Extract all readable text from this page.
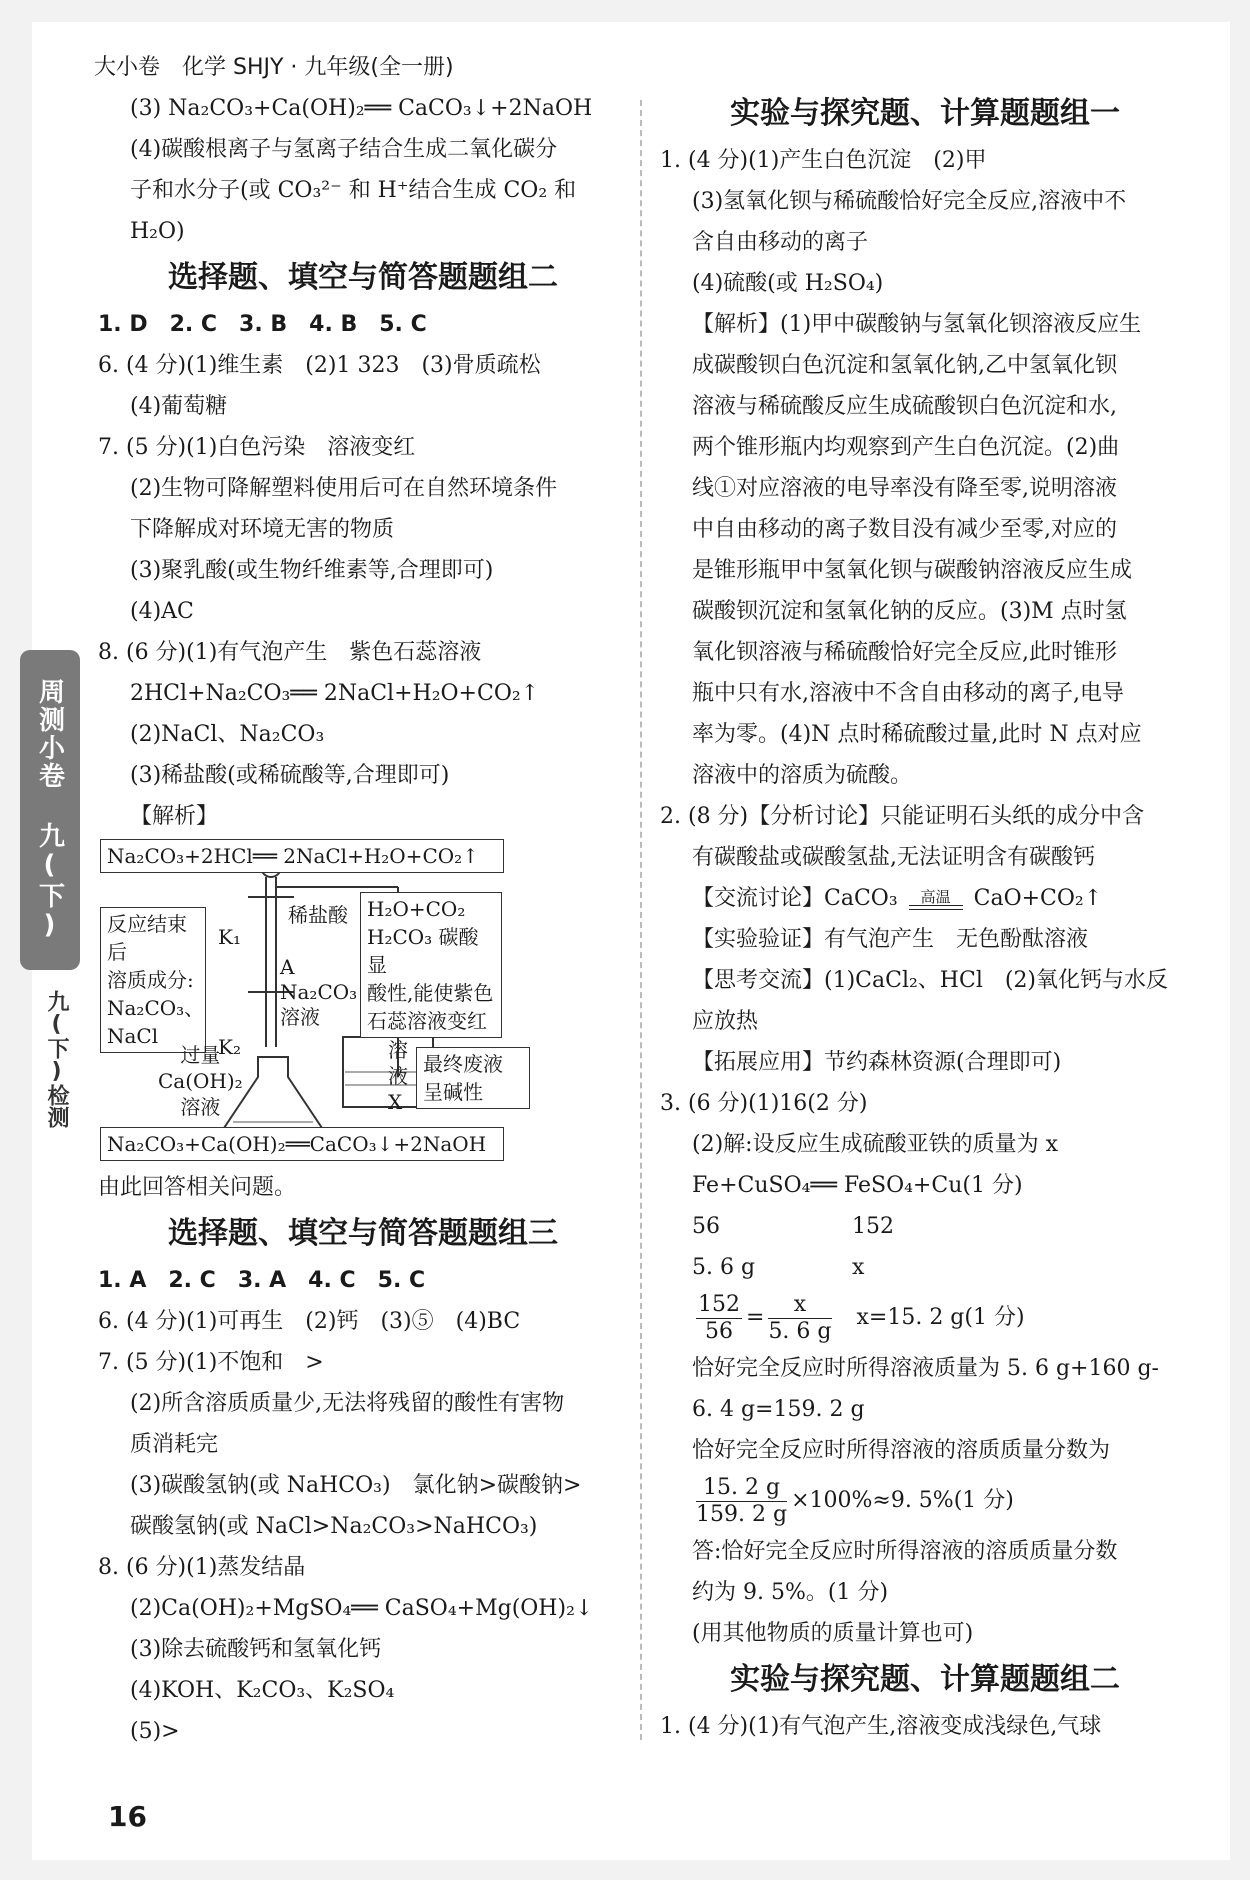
大小卷　化学 SHJY · 九年级(全一册)
周测小卷 九(下)
九(下)检测
(3) Na₂CO₃+Ca(OH)₂══ CaCO₃↓+2NaOH
(4)碳酸根离子与氢离子结合生成二氧化碳分
子和水分子(或 CO₃²⁻ 和 H⁺结合生成 CO₂ 和
H₂O)
选择题、填空与简答题题组二
1. D　2. C　3. B　4. B　5. C
6. (4 分)(1)维生素　(2)1 323　(3)骨质疏松
(4)葡萄糖
7. (5 分)(1)白色污染　溶液变红
(2)生物可降解塑料使用后可在自然环境条件
下降解成对环境无害的物质
(3)聚乳酸(或生物纤维素等,合理即可)
(4)AC
8. (6 分)(1)有气泡产生　紫色石蕊溶液
2HCl+Na₂CO₃══ 2NaCl+H₂O+CO₂↑
(2)NaCl、Na₂CO₃
(3)稀盐酸(或稀硫酸等,合理即可)
【解析】
Na₂CO₃+2HCl══ 2NaCl+H₂O+CO₂↑
反应结束后
溶质成分:
Na₂CO₃、
NaCl
K₁
K₂
稀盐酸
A
Na₂CO₃
溶液
H₂O+CO₂
H₂CO₃ 碳酸显
酸性,能使紫色
石蕊溶液变红
过量
Ca(OH)₂
溶液
溶
液
X
最终废液
呈碱性
Na₂CO₃+Ca(OH)₂══CaCO₃↓+2NaOH
由此回答相关问题。
选择题、填空与简答题题组三
1. A　2. C　3. A　4. C　5. C
6. (4 分)(1)可再生　(2)钙　(3)⑤　(4)BC
7. (5 分)(1)不饱和　>
(2)所含溶质质量少,无法将残留的酸性有害物
质消耗完
(3)碳酸氢钠(或 NaHCO₃)　氯化钠>碳酸钠>
碳酸氢钠(或 NaCl>Na₂CO₃>NaHCO₃)
8. (6 分)(1)蒸发结晶
(2)Ca(OH)₂+MgSO₄══ CaSO₄+Mg(OH)₂↓
(3)除去硫酸钙和氢氧化钙
(4)KOH、K₂CO₃、K₂SO₄
(5)>
实验与探究题、计算题题组一
1. (4 分)(1)产生白色沉淀　(2)甲
(3)氢氧化钡与稀硫酸恰好完全反应,溶液中不
含自由移动的离子
(4)硫酸(或 H₂SO₄)
【解析】(1)甲中碳酸钠与氢氧化钡溶液反应生
成碳酸钡白色沉淀和氢氧化钠,乙中氢氧化钡
溶液与稀硫酸反应生成硫酸钡白色沉淀和水,
两个锥形瓶内均观察到产生白色沉淀。(2)曲
线①对应溶液的电导率没有降至零,说明溶液
中自由移动的离子数目没有减少至零,对应的
是锥形瓶甲中氢氧化钡与碳酸钠溶液反应生成
碳酸钡沉淀和氢氧化钠的反应。(3)M 点时氢
氧化钡溶液与稀硫酸恰好完全反应,此时锥形
瓶中只有水,溶液中不含自由移动的离子,电导
率为零。(4)N 点时稀硫酸过量,此时 N 点对应
溶液中的溶质为硫酸。
2. (8 分)【分析讨论】只能证明石头纸的成分中含
有碳酸盐或碳酸氢盐,无法证明含有碳酸钙
【交流讨论】CaCO₃	高温	CaO+CO₂↑
【实验验证】有气泡产生　无色酚酞溶液
【思考交流】(1)CaCl₂、HCl　(2)氧化钙与水反
应放热
【拓展应用】节约森林资源(合理即可)
3. (6 分)(1)16(2 分)
(2)解:设反应生成硫酸亚铁的质量为 x
Fe+CuSO₄══ FeSO₄+Cu(1 分)
56	152
5. 6 g	x
$\frac{152}{56} = \frac{x}{5. 6 g} x=15$. 2 g(1 分)
恰好完全反应时所得溶液质量为 5. 6 g+160 g-
6. 4 g=159. 2 g
恰好完全反应时所得溶液的溶质质量分数为
$\frac{15. 2 g}{159. 2 g} \times 100\%\approx 9$. 5%(1 分)
答:恰好完全反应时所得溶液的溶质质量分数
约为 9. 5%。(1 分)
(用其他物质的质量计算也可)
实验与探究题、计算题题组二
1. (4 分)(1)有气泡产生,溶液变成浅绿色,气球
16
